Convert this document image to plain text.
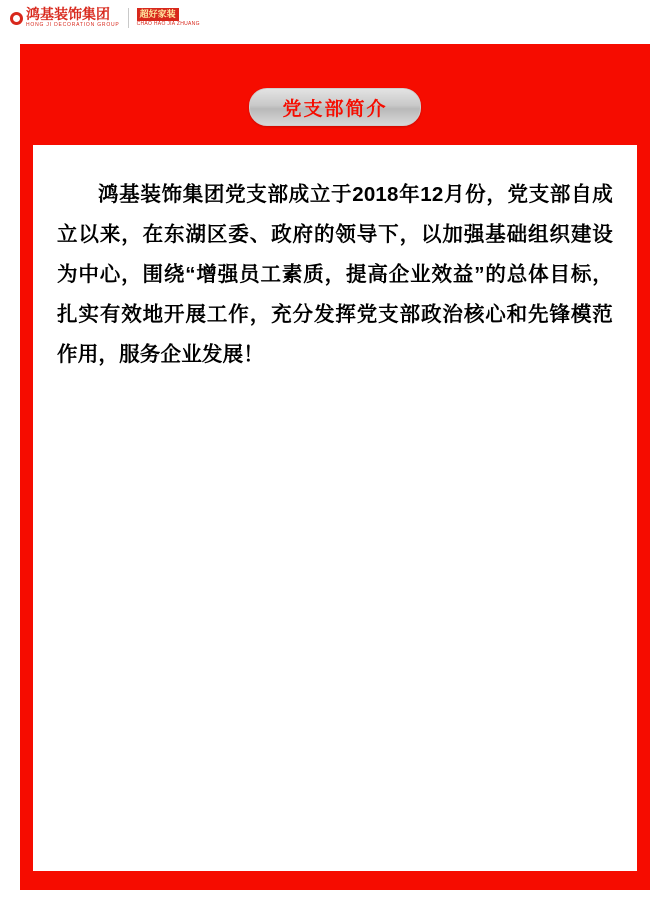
鸿基装饰集团
HONG JI DECORATION GROUP
超好家装
CHAO HAO JIA ZHUANG
党支部简介

鸿基装饰集团党支部成立于2018年12月份，党支部自成立以来，在东湖区委、政府的领导下，以加强基础组织建设为中心，围绕“增强员工素质，提高企业效益”的总体目标，扎实有效地开展工作，充分发挥党支部政治核心和先锋模范作用，服务企业发展！
